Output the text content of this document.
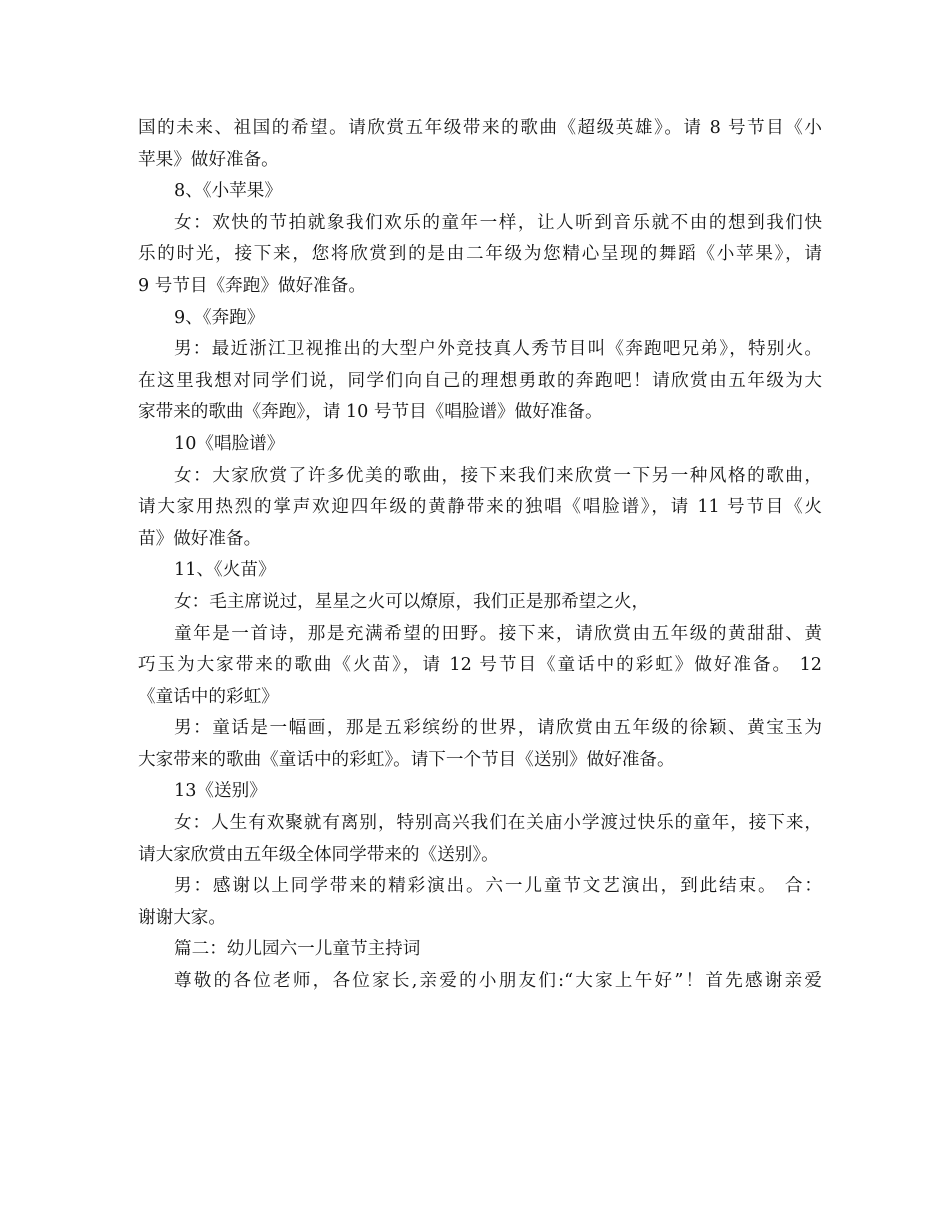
国的未来、祖国的希望。请欣赏五年级带来的歌曲《超级英雄》。请 8 号节目《小
苹果》做好准备。
8、《小苹果》
女：欢快的节拍就象我们欢乐的童年一样，让人听到音乐就不由的想到我们快
乐的时光，接下来，您将欣赏到的是由二年级为您精心呈现的舞蹈《小苹果》，请
9 号节目《奔跑》做好准备。
9、《奔跑》
男：最近浙江卫视推出的大型户外竞技真人秀节目叫《奔跑吧兄弟》，特别火。
在这里我想对同学们说，同学们向自己的理想勇敢的奔跑吧！请欣赏由五年级为大
家带来的歌曲《奔跑》，请 10 号节目《唱脸谱》做好准备。
10《唱脸谱》
女：大家欣赏了许多优美的歌曲，接下来我们来欣赏一下另一种风格的歌曲，
请大家用热烈的掌声欢迎四年级的黄静带来的独唱《唱脸谱》，请 11 号节目《火
苗》做好准备。
11、《火苗》
女：毛主席说过，星星之火可以燎原，我们正是那希望之火，
童年是一首诗，那是充满希望的田野。接下来，请欣赏由五年级的黄甜甜、黄
巧玉为大家带来的歌曲《火苗》，请 12 号节目《童话中的彩虹》做好准备。 12
《童话中的彩虹》
男：童话是一幅画，那是五彩缤纷的世界，请欣赏由五年级的徐颖、黄宝玉为
大家带来的歌曲《童话中的彩虹》。请下一个节目《送别》做好准备。
13《送别》
女：人生有欢聚就有离别，特别高兴我们在关庙小学渡过快乐的童年，接下来，
请大家欣赏由五年级全体同学带来的《送别》。
男：感谢以上同学带来的精彩演出。六一儿童节文艺演出，到此结束。 合：
谢谢大家。
篇二：幼儿园六一儿童节主持词
尊敬的各位老师，各位家长,亲爱的小朋友们:“大家上午好”！首先感谢亲爱
